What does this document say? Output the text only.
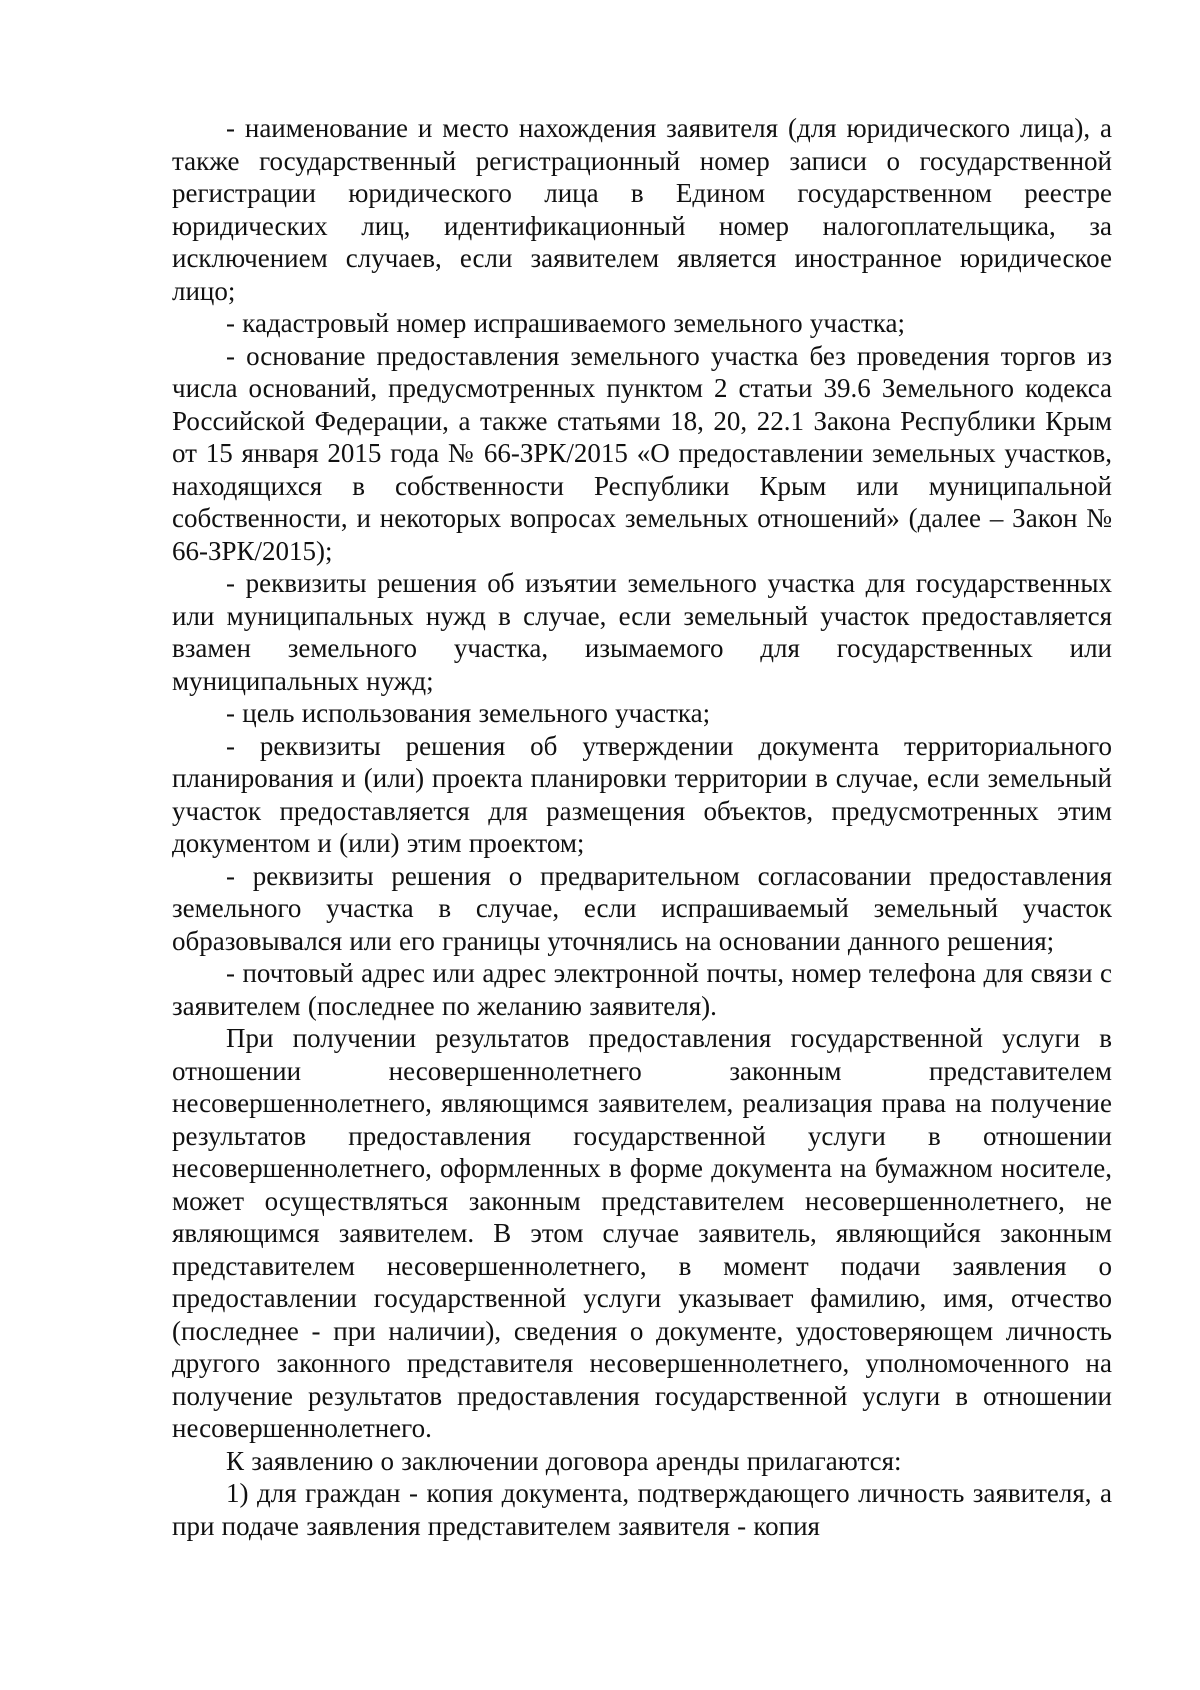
- наименование и место нахождения заявителя (для юридического лица), а также государственный регистрационный номер записи о государственной регистрации юридического лица в Едином государственном реестре юридических лиц, идентификационный номер налогоплательщика, за исключением случаев, если заявителем является иностранное юридическое лицо;

- кадастровый номер испрашиваемого земельного участка;

- основание предоставления земельного участка без проведения торгов из числа оснований, предусмотренных пунктом 2 статьи 39.6 Земельного кодекса Российской Федерации, а также статьями 18, 20, 22.1 Закона Республики Крым от 15 января 2015 года № 66-ЗРК/2015 «О предоставлении земельных участков, находящихся в собственности Республики Крым или муниципальной собственности, и некоторых вопросах земельных отношений» (далее – Закон № 66-ЗРК/2015);

- реквизиты решения об изъятии земельного участка для государственных или муниципальных нужд в случае, если земельный участок предоставляется взамен земельного участка, изымаемого для государственных или муниципальных нужд;

- цель использования земельного участка;

- реквизиты решения об утверждении документа территориального планирования и (или) проекта планировки территории в случае, если земельный участок предоставляется для размещения объектов, предусмотренных этим документом и (или) этим проектом;

- реквизиты решения о предварительном согласовании предоставления земельного участка в случае, если испрашиваемый земельный участок образовывался или его границы уточнялись на основании данного решения;

- почтовый адрес или адрес электронной почты, номер телефона для связи с заявителем (последнее по желанию заявителя).

При получении результатов предоставления государственной услуги в отношении несовершеннолетнего законным представителем несовершеннолетнего, являющимся заявителем, реализация права на получение результатов предоставления государственной услуги в отношении несовершеннолетнего, оформленных в форме документа на бумажном носителе, может осуществляться законным представителем несовершеннолетнего, не являющимся заявителем. В этом случае заявитель, являющийся законным представителем несовершеннолетнего, в момент подачи заявления о предоставлении государственной услуги указывает фамилию, имя, отчество (последнее - при наличии), сведения о документе, удостоверяющем личность другого законного представителя несовершеннолетнего, уполномоченного на получение результатов предоставления государственной услуги в отношении несовершеннолетнего.

К заявлению о заключении договора аренды прилагаются:

1) для граждан - копия документа, подтверждающего личность заявителя, а при подаче заявления представителем заявителя - копия
